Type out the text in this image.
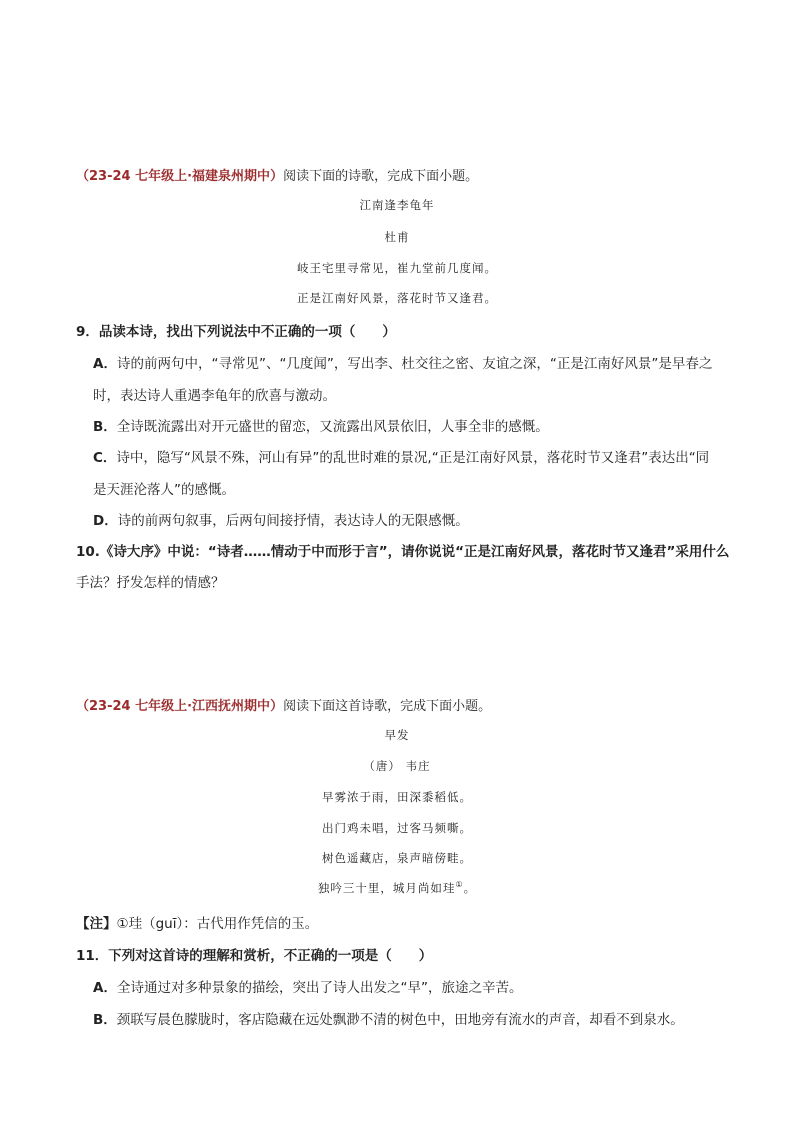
（23-24 七年级上·福建泉州期中）阅读下面的诗歌，完成下面小题。
江南逢李龟年
杜甫
岐王宅里寻常见，崔九堂前几度闻。
正是江南好风景，落花时节又逢君。
9．品读本诗，找出下列说法中不正确的一项（　　）
A．诗的前两句中，“寻常见”、“几度闻”，写出李、杜交往之密、友谊之深，“正是江南好风景”是早春之
时，表达诗人重遇李龟年的欣喜与激动。
B．全诗既流露出对开元盛世的留恋，又流露出风景依旧，人事全非的感慨。
C．诗中，隐写“风景不殊，河山有异”的乱世时难的景况,“正是江南好风景，落花时节又逢君”表达出“同
是天涯沦落人”的感慨。
D．诗的前两句叙事，后两句间接抒情，表达诗人的无限感慨。
10.《诗大序》中说：“诗者……情动于中而形于言”，请你说说“正是江南好风景，落花时节又逢君”采用什么
手法？抒发怎样的情感？
（23-24 七年级上·江西抚州期中）阅读下面这首诗歌，完成下面小题。
早发
（唐） 韦庄
早雾浓于雨，田深黍稻低。
出门鸡未唱，过客马频嘶。
树色遥藏店，泉声暗傍畦。
独吟三十里，城月尚如珪①。
【注】①珪（guī）：古代用作凭信的玉。
11．下列对这首诗的理解和赏析，不正确的一项是（　　）
A．全诗通过对多种景象的描绘，突出了诗人出发之“早”，旅途之辛苦。
B．颈联写晨色朦胧时，客店隐藏在远处飘渺不清的树色中，田地旁有流水的声音，却看不到泉水。
